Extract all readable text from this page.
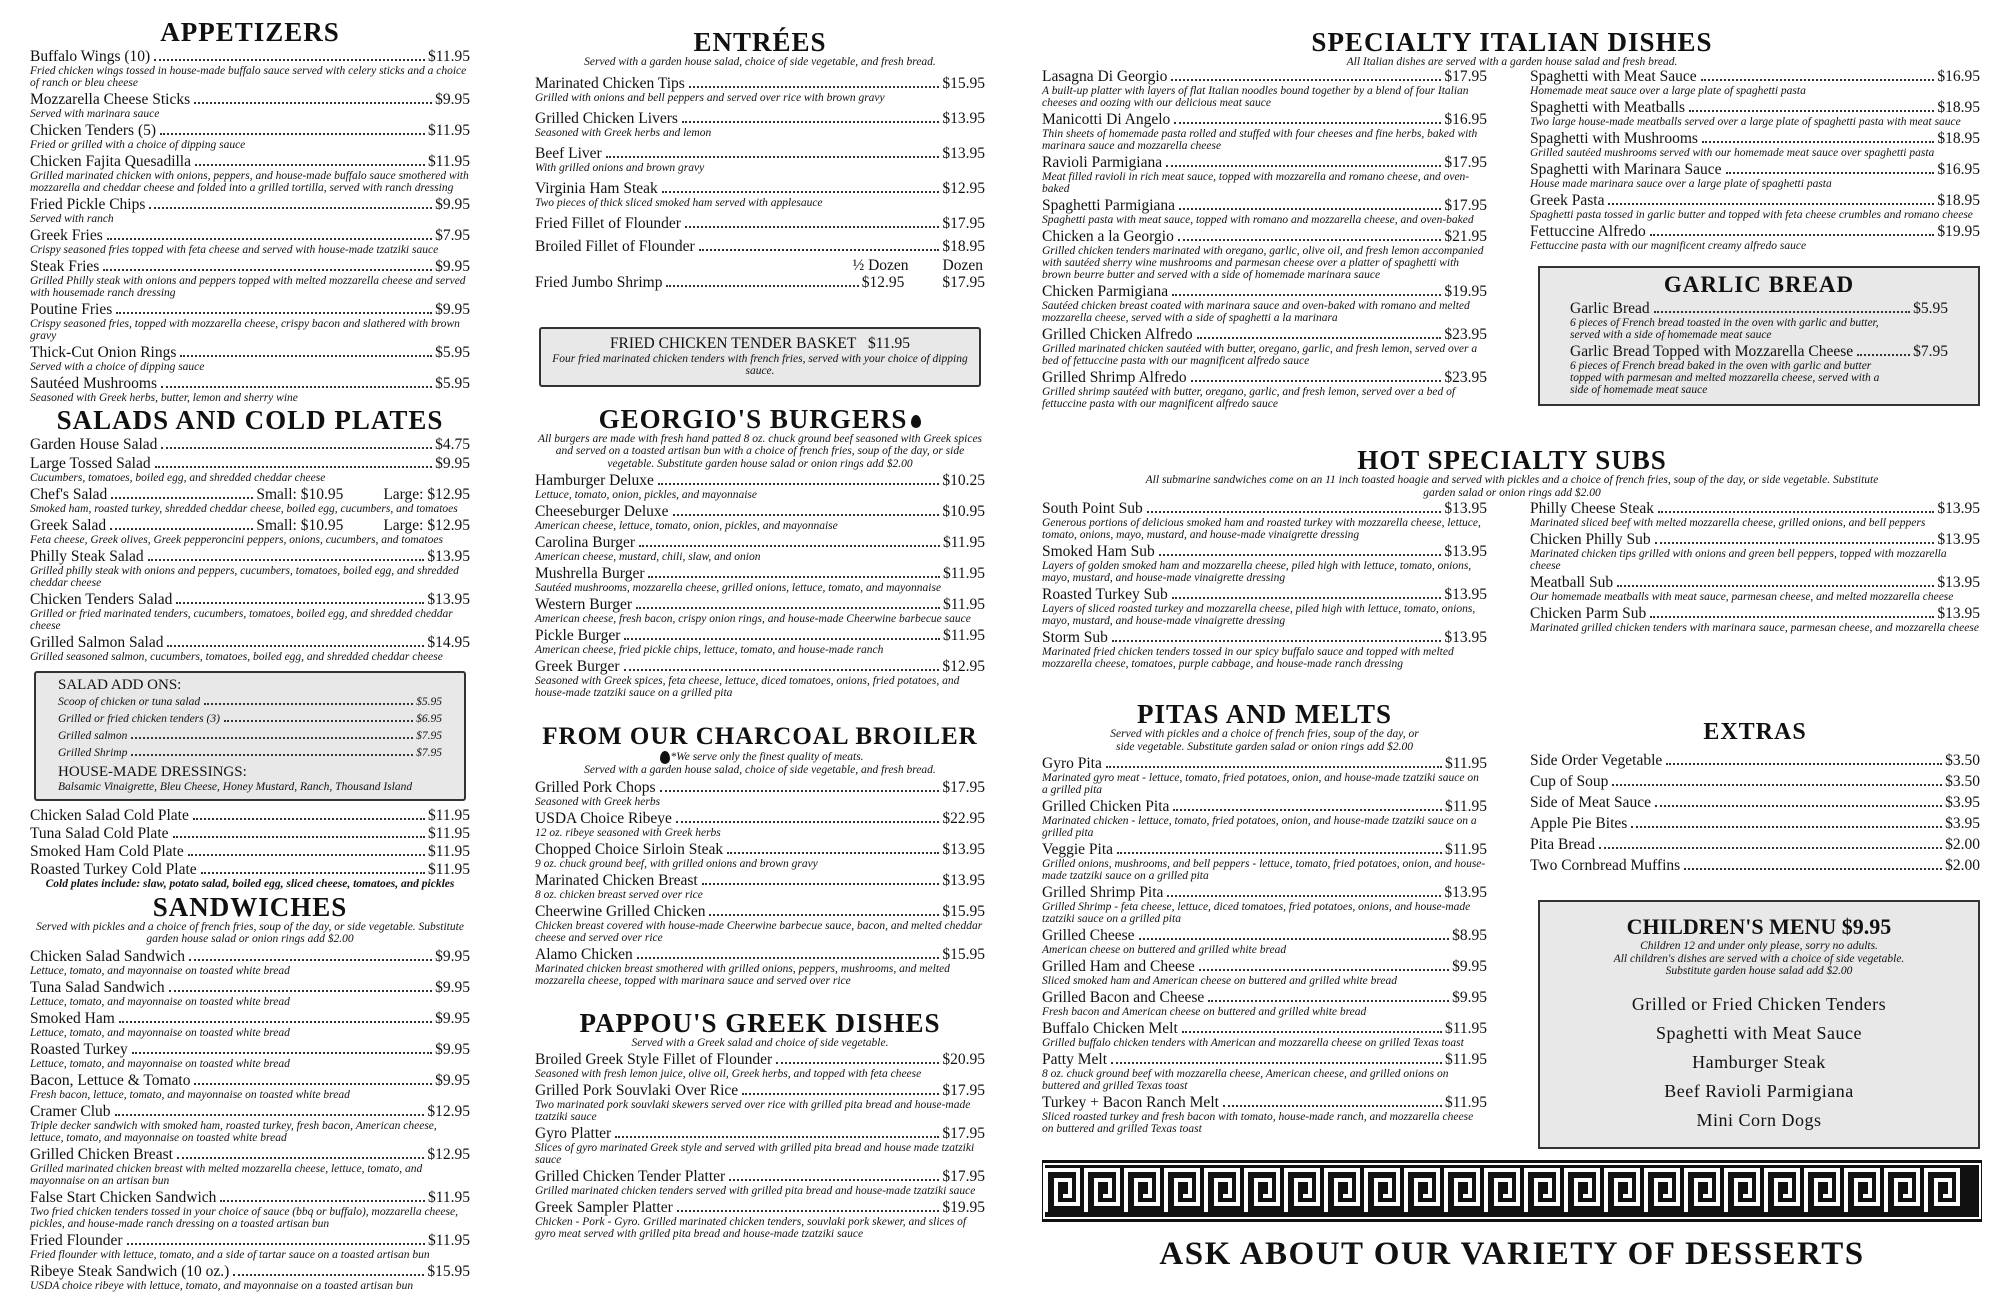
APPETIZERS
Buffalo Wings (10)	$11.95
Fried chicken wings tossed in house-made buffalo sauce served with celery sticks and a choice of ranch or bleu cheese
Mozzarella Cheese Sticks	$9.95
Served with marinara sauce
Chicken Tenders (5)	$11.95
Fried or grilled with a choice of dipping sauce
Chicken Fajita Quesadilla	$11.95
Grilled marinated chicken with onions, peppers, and house-made buffalo sauce smothered with mozzarella and cheddar cheese and folded into a grilled tortilla, served with ranch dressing
Fried Pickle Chips	$9.95
Served with ranch
Greek Fries	$7.95
Crispy seasoned fries topped with feta cheese and served with house-made tzatziki sauce
Steak Fries	$9.95
Grilled Philly steak with onions and peppers topped with melted mozzarella cheese and served with housemade ranch dressing
Poutine Fries	$9.95
Crispy seasoned fries, topped with mozzarella cheese, crispy bacon and slathered with brown gravy
Thick-Cut Onion Rings	$5.95
Served with a choice of dipping sauce
Sautéed Mushrooms	$5.95
Seasoned with Greek herbs, butter, lemon and sherry wine
SALADS AND COLD PLATES
Garden House Salad	$4.75
Large Tossed Salad	$9.95
Cucumbers, tomatoes, boiled egg, and shredded cheddar cheese
Chef's Salad	Small: $10.95	Large: $12.95
Smoked ham, roasted turkey, shredded cheddar cheese, boiled egg, cucumbers, and tomatoes
Greek Salad	Small: $10.95	Large: $12.95
Feta cheese, Greek olives, Greek pepperoncini peppers, onions, cucumbers, and tomatoes
Philly Steak Salad	$13.95
Grilled philly steak with onions and peppers, cucumbers, tomatoes, boiled egg, and shredded cheddar cheese
Chicken Tenders Salad	$13.95
Grilled or fried marinated tenders, cucumbers, tomatoes, boiled egg, and shredded cheddar cheese
Grilled Salmon Salad	$14.95
Grilled seasoned salmon, cucumbers, tomatoes, boiled egg, and shredded cheddar cheese
SALAD ADD ONS:
Scoop of chicken or tuna salad	$5.95
Grilled or fried chicken tenders (3)	$6.95
Grilled salmon	$7.95
Grilled Shrimp	$7.95
HOUSE-MADE DRESSINGS:
Balsamic Vinaigrette, Bleu Cheese, Honey Mustard, Ranch, Thousand Island
Chicken Salad Cold Plate	$11.95
Tuna Salad Cold Plate	$11.95
Smoked Ham Cold Plate	$11.95
Roasted Turkey Cold Plate	$11.95
Cold plates include: slaw, potato salad, boiled egg, sliced cheese, tomatoes, and pickles
SANDWICHES
Served with pickles and a choice of french fries, soup of the day, or side vegetable. Substitute garden house salad or onion rings add $2.00
Chicken Salad Sandwich	$9.95
Lettuce, tomato, and mayonnaise on toasted white bread
Tuna Salad Sandwich	$9.95
Lettuce, tomato, and mayonnaise on toasted white bread
Smoked Ham	$9.95
Lettuce, tomato, and mayonnaise on toasted white bread
Roasted Turkey	$9.95
Lettuce, tomato, and mayonnaise on toasted white bread
Bacon, Lettuce & Tomato	$9.95
Fresh bacon, lettuce, tomato, and mayonnaise on toasted white bread
Cramer Club	$12.95
Triple decker sandwich with smoked ham, roasted turkey, fresh bacon, American cheese, lettuce, tomato, and mayonnaise on toasted white bread
Grilled Chicken Breast	$12.95
Grilled marinated chicken breast with melted mozzarella cheese, lettuce, tomato, and mayonnaise on an artisan bun
False Start Chicken Sandwich	$11.95
Two fried chicken tenders tossed in your choice of sauce (bbq or buffalo), mozzarella cheese, pickles, and house-made ranch dressing on a toasted artisan bun
Fried Flounder	$11.95
Fried flounder with lettuce, tomato, and a side of tartar sauce on a toasted artisan bun
Ribeye Steak Sandwich (10 oz.)	$15.95
USDA choice ribeye with lettuce, tomato, and mayonnaise on a toasted artisan bun
ENTRÉES
Served with a garden house salad, choice of side vegetable, and fresh bread.
Marinated Chicken Tips	$15.95
Grilled with onions and bell peppers and served over rice with brown gravy
Grilled Chicken Livers	$13.95
Seasoned with Greek herbs and lemon
Beef Liver	$13.95
With grilled onions and brown gravy
Virginia Ham Steak	$12.95
Two pieces of thick sliced smoked ham served with applesauce
Fried Fillet of Flounder	$17.95
Broiled Fillet of Flounder	$18.95
½ Dozen Dozen
Fried Jumbo Shrimp	$12.95 $17.95
FRIED CHICKEN TENDER BASKET $11.95
Four fried marinated chicken tenders with french fries, served with your choice of dipping sauce.
GEORGIO'S BURGERS
All burgers are made with fresh hand patted 8 oz. chuck ground beef seasoned with Greek spices and served on a toasted artisan bun with a choice of french fries, soup of the day, or side vegetable. Substitute garden house salad or onion rings add $2.00
Hamburger Deluxe	$10.25
Lettuce, tomato, onion, pickles, and mayonnaise
Cheeseburger Deluxe	$10.95
American cheese, lettuce, tomato, onion, pickles, and mayonnaise
Carolina Burger	$11.95
American cheese, mustard, chili, slaw, and onion
Mushrella Burger	$11.95
Sautéed mushrooms, mozzarella cheese, grilled onions, lettuce, tomato, and mayonnaise
Western Burger	$11.95
American cheese, fresh bacon, crispy onion rings, and house-made Cheerwine barbecue sauce
Pickle Burger	$11.95
American cheese, fried pickle chips, lettuce, tomato, and house-made ranch
Greek Burger	$12.95
Seasoned with Greek spices, feta cheese, lettuce, diced tomatoes, onions, fried potatoes, and house-made tzatziki sauce on a grilled pita
FROM OUR CHARCOAL BROILER
*We serve only the finest quality of meats.
Served with a garden house salad, choice of side vegetable, and fresh bread.
Grilled Pork Chops	$17.95
Seasoned with Greek herbs
USDA Choice Ribeye	$22.95
12 oz. ribeye seasoned with Greek herbs
Chopped Choice Sirloin Steak	$13.95
9 oz. chuck ground beef, with grilled onions and brown gravy
Marinated Chicken Breast	$13.95
8 oz. chicken breast served over rice
Cheerwine Grilled Chicken	$15.95
Chicken breast covered with house-made Cheerwine barbecue sauce, bacon, and melted cheddar cheese and served over rice
Alamo Chicken	$15.95
Marinated chicken breast smothered with grilled onions, peppers, mushrooms, and melted mozzarella cheese, topped with marinara sauce and served over rice
PAPPOU'S GREEK DISHES
Served with a Greek salad and choice of side vegetable.
Broiled Greek Style Fillet of Flounder	$20.95
Seasoned with fresh lemon juice, olive oil, Greek herbs, and topped with feta cheese
Grilled Pork Souvlaki Over Rice	$17.95
Two marinated pork souvlaki skewers served over rice with grilled pita bread and house-made tzatziki sauce
Gyro Platter	$17.95
Slices of gyro marinated Greek style and served with grilled pita bread and house made tzatziki sauce
Grilled Chicken Tender Platter	$17.95
Grilled marinated chicken tenders served with grilled pita bread and house-made tzatziki sauce
Greek Sampler Platter	$19.95
Chicken - Pork - Gyro. Grilled marinated chicken tenders, souvlaki pork skewer, and slices of gyro meat served with grilled pita bread and house-made tzatziki sauce
SPECIALTY ITALIAN DISHES
All Italian dishes are served with a garden house salad and fresh bread.
Lasagna Di Georgio	$17.95
A built-up platter with layers of flat Italian noodles bound together by a blend of four Italian cheeses and oozing with our delicious meat sauce
Manicotti Di Angelo	$16.95
Thin sheets of homemade pasta rolled and stuffed with four cheeses and fine herbs, baked with marinara sauce and mozzarella cheese
Ravioli Parmigiana	$17.95
Meat filled ravioli in rich meat sauce, topped with mozzarella and romano cheese, and oven-baked
Spaghetti Parmigiana	$17.95
Spaghetti pasta with meat sauce, topped with romano and mozzarella cheese, and oven-baked
Chicken a la Georgio	$21.95
Grilled chicken tenders marinated with oregano, garlic, olive oil, and fresh lemon accompanied with sautéed sherry wine mushrooms and parmesan cheese over a platter of spaghetti with brown beurre butter and served with a side of homemade marinara sauce
Chicken Parmigiana	$19.95
Sautéed chicken breast coated with marinara sauce and oven-baked with romano and melted mozzarella cheese, served with a side of spaghetti a la marinara
Grilled Chicken Alfredo	$23.95
Grilled marinated chicken sautéed with butter, oregano, garlic, and fresh lemon, served over a bed of fettuccine pasta with our magnificent alfredo sauce
Grilled Shrimp Alfredo	$23.95
Grilled shrimp sautéed with butter, oregano, garlic, and fresh lemon, served over a bed of fettuccine pasta with our magnificent alfredo sauce
Spaghetti with Meat Sauce	$16.95
Homemade meat sauce over a large plate of spaghetti pasta
Spaghetti with Meatballs	$18.95
Two large house-made meatballs served over a large plate of spaghetti pasta with meat sauce
Spaghetti with Mushrooms	$18.95
Grilled sautéed mushrooms served with our homemade meat sauce over spaghetti pasta
Spaghetti with Marinara Sauce	$16.95
House made marinara sauce over a large plate of spaghetti pasta
Greek Pasta	$18.95
Spaghetti pasta tossed in garlic butter and topped with feta cheese crumbles and romano cheese
Fettuccine Alfredo	$19.95
Fettuccine pasta with our magnificent creamy alfredo sauce
GARLIC BREAD
Garlic Bread	$5.95
6 pieces of French bread toasted in the oven with garlic and butter, served with a side of homemade meat sauce
Garlic Bread Topped with Mozzarella Cheese	$7.95
6 pieces of French bread baked in the oven with garlic and butter topped with parmesan and melted mozzarella cheese, served with a side of homemade meat sauce
HOT SPECIALTY SUBS
All submarine sandwiches come on an 11 inch toasted hoagie and served with pickles and a choice of french fries, soup of the day, or side vegetable. Substitute garden salad or onion rings add $2.00
South Point Sub	$13.95
Generous portions of delicious smoked ham and roasted turkey with mozzarella cheese, lettuce, tomato, onions, mayo, mustard, and house-made vinaigrette dressing
Smoked Ham Sub	$13.95
Layers of golden smoked ham and mozzarella cheese, piled high with lettuce, tomato, onions, mayo, mustard, and house-made vinaigrette dressing
Roasted Turkey Sub	$13.95
Layers of sliced roasted turkey and mozzarella cheese, piled high with lettuce, tomato, onions, mayo, mustard, and house-made vinaigrette dressing
Storm Sub	$13.95
Marinated fried chicken tenders tossed in our spicy buffalo sauce and topped with melted mozzarella cheese, tomatoes, purple cabbage, and house-made ranch dressing
Philly Cheese Steak	$13.95
Marinated sliced beef with melted mozzarella cheese, grilled onions, and bell peppers
Chicken Philly Sub	$13.95
Marinated chicken tips grilled with onions and green bell peppers, topped with mozzarella cheese
Meatball Sub	$13.95
Our homemade meatballs with meat sauce, parmesan cheese, and melted mozzarella cheese
Chicken Parm Sub	$13.95
Marinated grilled chicken tenders with marinara sauce, parmesan cheese, and mozzarella cheese
PITAS AND MELTS
Served with pickles and a choice of french fries, soup of the day, or side vegetable. Substitute garden salad or onion rings add $2.00
Gyro Pita	$11.95
Marinated gyro meat - lettuce, tomato, fried potatoes, onion, and house-made tzatziki sauce on a grilled pita
Grilled Chicken Pita	$11.95
Marinated chicken - lettuce, tomato, fried potatoes, onion, and house-made tzatziki sauce on a grilled pita
Veggie Pita	$11.95
Grilled onions, mushrooms, and bell peppers - lettuce, tomato, fried potatoes, onion, and house-made tzatziki sauce on a grilled pita
Grilled Shrimp Pita	$13.95
Grilled Shrimp - feta cheese, lettuce, diced tomatoes, fried potatoes, onions, and house-made tzatziki sauce on a grilled pita
Grilled Cheese	$8.95
American cheese on buttered and grilled white bread
Grilled Ham and Cheese	$9.95
Sliced smoked ham and American cheese on buttered and grilled white bread
Grilled Bacon and Cheese	$9.95
Fresh bacon and American cheese on buttered and grilled white bread
Buffalo Chicken Melt	$11.95
Grilled buffalo chicken tenders with American and mozzarella cheese on grilled Texas toast
Patty Melt	$11.95
8 oz. chuck ground beef with mozzarella cheese, American cheese, and grilled onions on buttered and grilled Texas toast
Turkey + Bacon Ranch Melt	$11.95
Sliced roasted turkey and fresh bacon with tomato, house-made ranch, and mozzarella cheese on buttered and grilled Texas toast
EXTRAS
Side Order Vegetable	$3.50
Cup of Soup	$3.50
Side of Meat Sauce	$3.95
Apple Pie Bites	$3.95
Pita Bread	$2.00
Two Cornbread Muffins	$2.00
CHILDREN'S MENU $9.95
Children 12 and under only please, sorry no adults.
All children's dishes are served with a choice of side vegetable.
Substitute garden house salad add $2.00
Grilled or Fried Chicken Tenders
Spaghetti with Meat Sauce
Hamburger Steak
Beef Ravioli Parmigiana
Mini Corn Dogs
ASK ABOUT OUR VARIETY OF DESSERTS
